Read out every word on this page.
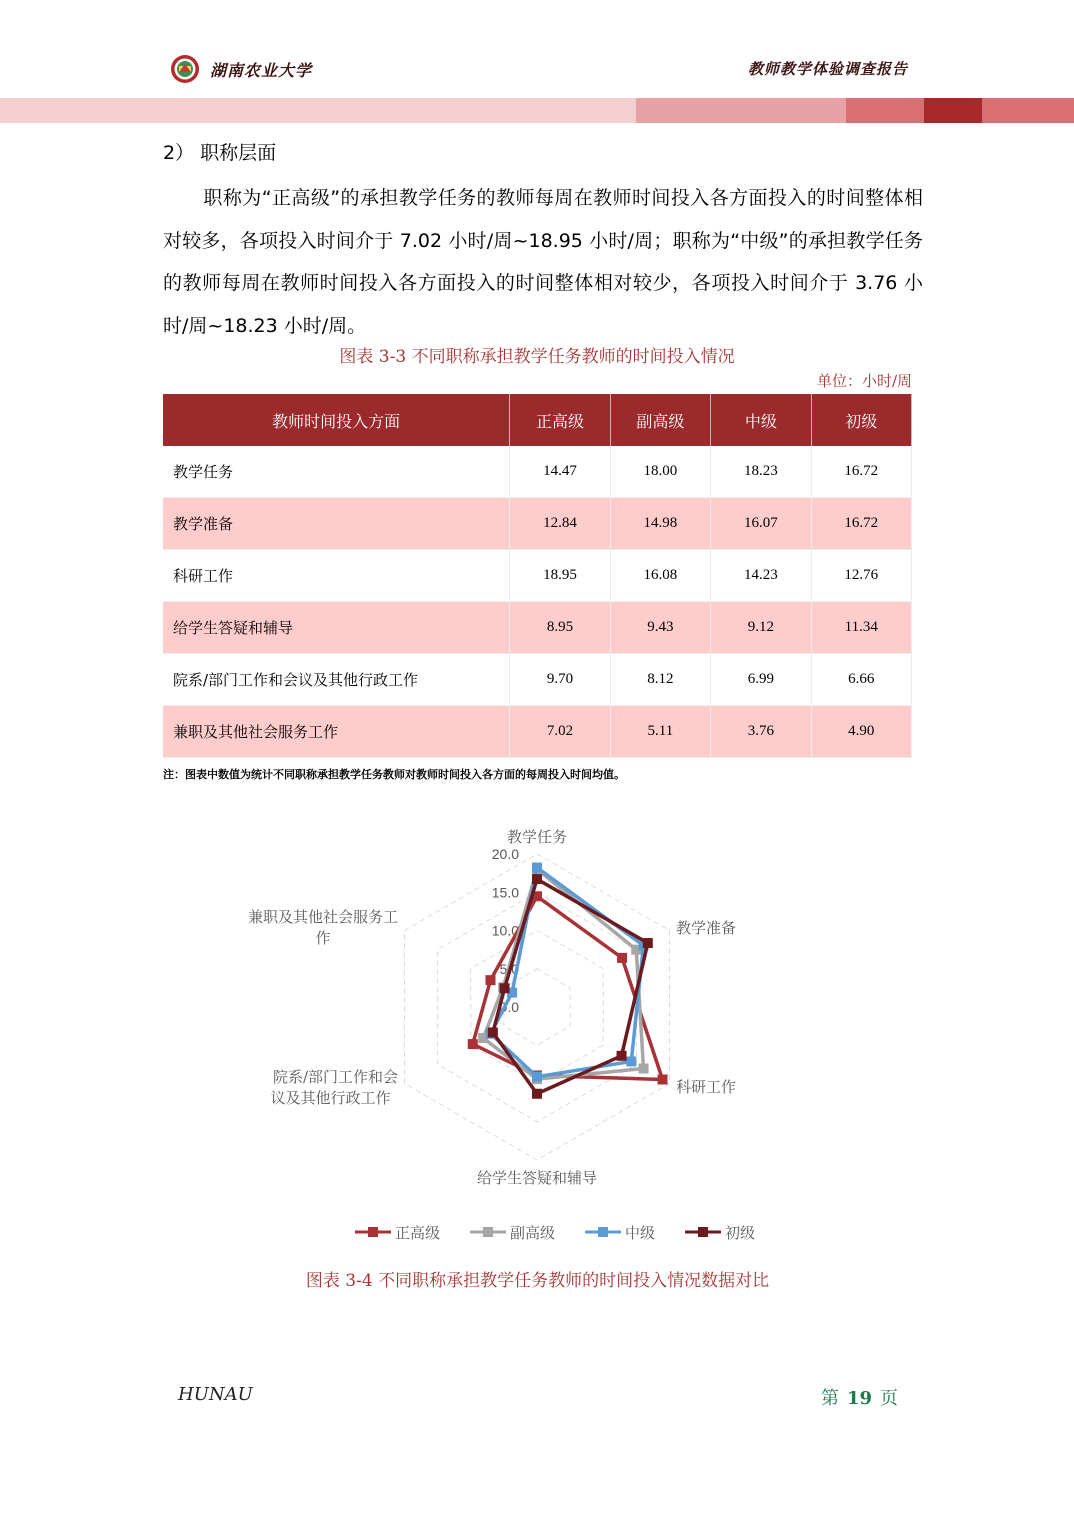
湖南农业大学	教师教学体验调查报告
2） 职称层面
职称为“正高级”的承担教学任务的教师每周在教师时间投入各方面投入的时间整体相对较多，各项投入时间介于 7.02 小时/周~18.95 小时/周；职称为“中级”的承担教学任务的教师每周在教师时间投入各方面投入的时间整体相对较少，各项投入时间介于 3.76 小时/周~18.23 小时/周。
图表 3-3 不同职称承担教学任务教师的时间投入情况
单位：小时/周
教师时间投入方面	正高级	副高级	中级	初级
教学任务	14.47	18.00	18.23	16.72
教学准备	12.84	14.98	16.07	16.72
科研工作	18.95	16.08	14.23	12.76
给学生答疑和辅导	8.95	9.43	9.12	11.34
院系/部门工作和会议及其他行政工作	9.70	8.12	6.99	6.66
兼职及其他社会服务工作	7.02	5.11	3.76	4.90
注：图表中数值为统计不同职称承担教学任务教师对教师时间投入各方面的每周投入时间均值。
0.0
5.0
10.0
15.0
20.0
教学任务
教学准备
科研工作
给学生答疑和辅导
院系/部门工作和会
议及其他行政工作
兼职及其他社会服务工
作
正高级	副高级	中级	初级
图表 3-4 不同职称承担教学任务教师的时间投入情况数据对比
HUNAU	第 19 页
